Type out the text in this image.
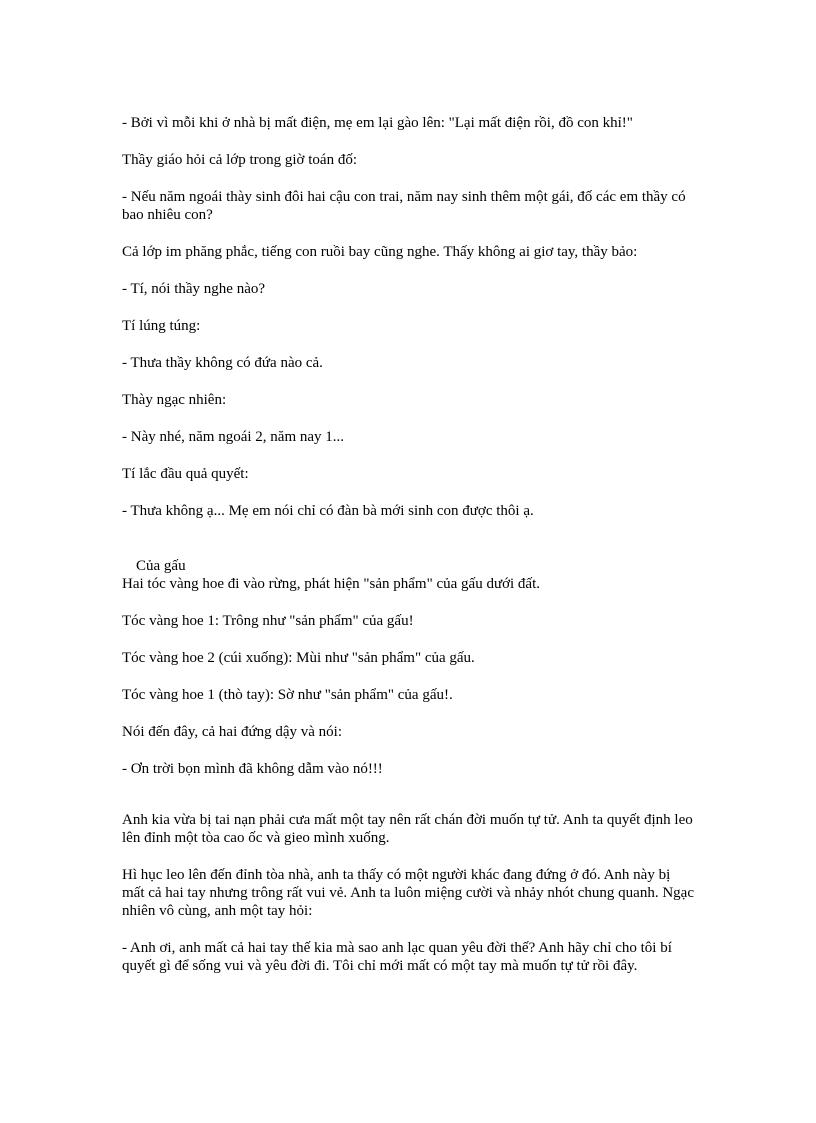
- Bởi vì mỗi khi ở nhà bị mất điện, mẹ em lại gào lên: "Lại mất điện rồi, đồ con khỉ!"

Thầy giáo hỏi cả lớp trong giờ toán đố:

- Nếu năm ngoái thày sinh đôi hai cậu con trai, năm nay sinh thêm một gái, đố các em thầy có bao nhiêu con?

Cả lớp im phăng phắc, tiếng con ruồi bay cũng nghe. Thấy không ai giơ tay, thầy bảo:

- Tí, nói thầy nghe nào?

Tí lúng túng:

- Thưa thầy không có đứa nào cả.

Thày ngạc nhiên:

- Này nhé, năm ngoái 2, năm nay 1...

Tí lắc đầu quả quyết:

- Thưa không ạ... Mẹ em nói chỉ có đàn bà mới sinh con được thôi ạ.

Của gấu

Hai tóc vàng hoe đi vào rừng, phát hiện "sản phẩm" của gấu dưới đất.

Tóc vàng hoe 1: Trông như "sản phẩm" của gấu!

Tóc vàng hoe 2 (cúi xuống): Mùi như "sản phẩm" của gấu.

Tóc vàng hoe 1 (thò tay): Sờ như "sản phẩm" của gấu!.

Nói đến đây, cả hai đứng dậy và nói:

- Ơn trời bọn mình đã không dẫm vào nó!!!

Anh kia vừa bị tai nạn phải cưa mất một tay nên rất chán đời muốn tự tử. Anh ta quyết định leo lên đỉnh một tòa cao ốc và gieo mình xuống.

Hì hục leo lên đến đỉnh tòa nhà, anh ta thấy có một người khác đang đứng ở đó. Anh này bị mất cả hai tay nhưng trông rất vui vẻ. Anh ta luôn miệng cười và nhảy nhót chung quanh. Ngạc nhiên vô cùng, anh một tay hỏi:

- Anh ơi, anh mất cả hai tay thế kia mà sao anh lạc quan yêu đời thế? Anh hãy chỉ cho tôi bí quyết gì để sống vui và yêu đời đi. Tôi chỉ mới mất có một tay mà muốn tự tử rồi đây.
